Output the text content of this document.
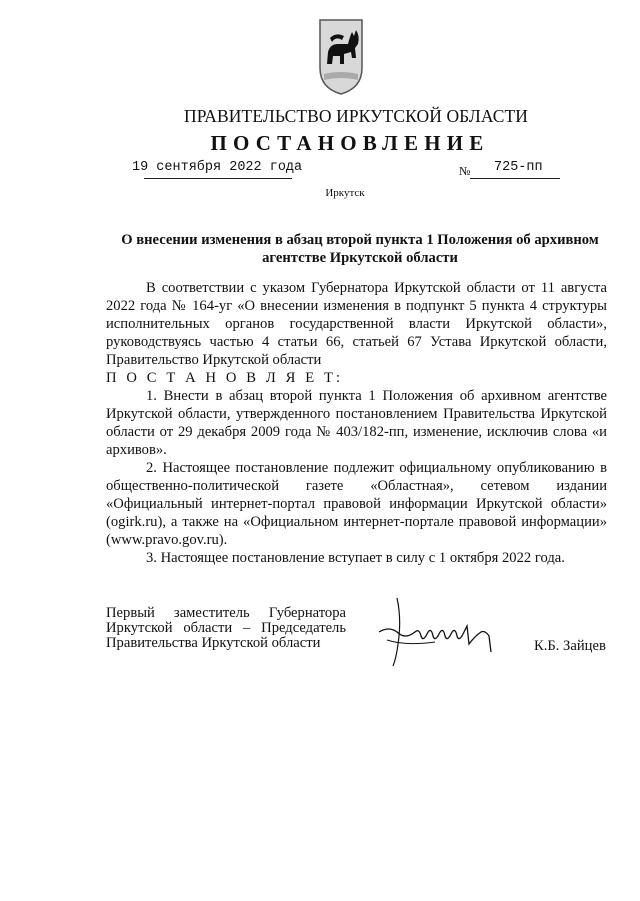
ПРАВИТЕЛЬСТВО ИРКУТСКОЙ ОБЛАСТИ
ПОСТАНОВЛЕНИЕ
19 сентября 2022 года	№ 725-пп
Иркутск
О внесении изменения в абзац второй пункта 1 Положения об архивном агентстве Иркутской области

В соответствии с указом Губернатора Иркутской области от 11 августа 2022 года № 164-уг «О внесении изменения в подпункт 5 пункта 4 структуры исполнительных органов государственной власти Иркутской области», руководствуясь частью 4 статьи 66, статьей 67 Устава Иркутской области, Правительство Иркутской области

П О С Т А Н О В Л Я Е Т:

1. Внести в абзац второй пункта 1 Положения об архивном агентстве Иркутской области, утвержденного постановлением Правительства Иркутской области от 29 декабря 2009 года № 403/182-пп, изменение, исключив слова «и архивов».

2. Настоящее постановление подлежит официальному опубликованию в общественно-политической газете «Областная», сетевом издании «Официальный интернет-портал правовой информации Иркутской области» (ogirk.ru), а также на «Официальном интернет-портале правовой информации» (www.pravo.gov.ru).

3. Настоящее постановление вступает в силу с 1 октября 2022 года.

Первый заместитель Губернатора
Иркутской области – Председатель
Правительства Иркутской области	К.Б. Зайцев
